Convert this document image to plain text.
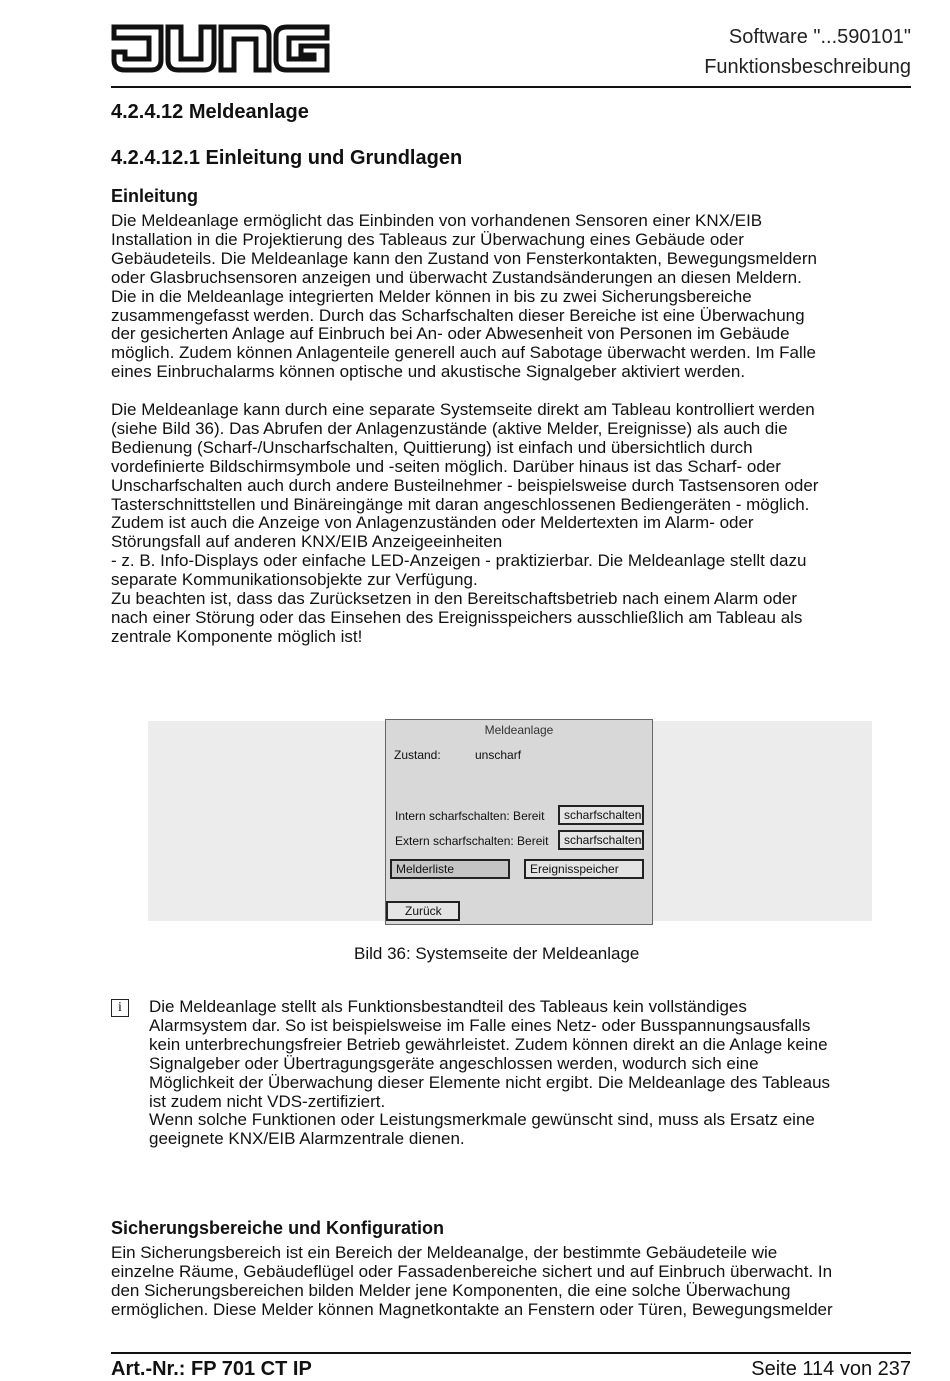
Software "...590101"
Funktionsbeschreibung
4.2.4.12 Meldeanlage
4.2.4.12.1 Einleitung und Grundlagen
Einleitung
Die Meldeanlage ermöglicht das Einbinden von vorhandenen Sensoren einer KNX/EIB
Installation in die Projektierung des Tableaus zur Überwachung eines Gebäude oder
Gebäudeteils. Die Meldeanlage kann den Zustand von Fensterkontakten, Bewegungsmeldern
oder Glasbruchsensoren anzeigen und überwacht Zustandsänderungen an diesen Meldern.
Die in die Meldeanlage integrierten Melder können in bis zu zwei Sicherungsbereiche
zusammengefasst werden. Durch das Scharfschalten dieser Bereiche ist eine Überwachung
der gesicherten Anlage auf Einbruch bei An- oder Abwesenheit von Personen im Gebäude
möglich. Zudem können Anlagenteile generell auch auf Sabotage überwacht werden. Im Falle
eines Einbruchalarms können optische und akustische Signalgeber aktiviert werden.
Die Meldeanlage kann durch eine separate Systemseite direkt am Tableau kontrolliert werden
(siehe Bild 36). Das Abrufen der Anlagenzustände (aktive Melder, Ereignisse) als auch die
Bedienung (Scharf-/Unscharfschalten, Quittierung) ist einfach und übersichtlich durch
vordefinierte Bildschirmsymbole und -seiten möglich. Darüber hinaus ist das Scharf- oder
Unscharfschalten auch durch andere Busteilnehmer - beispielsweise durch Tastsensoren oder
Tasterschnittstellen und Binäreingänge mit daran angeschlossenen Bediengeräten - möglich.
Zudem ist auch die Anzeige von Anlagenzuständen oder Meldertexten im Alarm- oder
Störungsfall auf anderen KNX/EIB Anzeigeeinheiten
- z. B. Info-Displays oder einfache LED-Anzeigen - praktizierbar. Die Meldeanlage stellt dazu
separate Kommunikationsobjekte zur Verfügung.
Zu beachten ist, dass das Zurücksetzen in den Bereitschaftsbetrieb nach einem Alarm oder
nach einer Störung oder das Einsehen des Ereignisspeichers ausschließlich am Tableau als
zentrale Komponente möglich ist!
Meldeanlage
Zustand:	unscharf
Intern scharfschalten: Bereit	scharfschalten
Extern scharfschalten: Bereit	scharfschalten
Melderliste	Ereignisspeicher
Zurück
Bild 36: Systemseite der Meldeanlage
i	Die Meldeanlage stellt als Funktionsbestandteil des Tableaus kein vollständiges
Alarmsystem dar. So ist beispielsweise im Falle eines Netz- oder Busspannungsausfalls
kein unterbrechungsfreier Betrieb gewährleistet. Zudem können direkt an die Anlage keine
Signalgeber oder Übertragungsgeräte angeschlossen werden, wodurch sich eine
Möglichkeit der Überwachung dieser Elemente nicht ergibt. Die Meldeanlage des Tableaus
ist zudem nicht VDS-zertifiziert.
Wenn solche Funktionen oder Leistungsmerkmale gewünscht sind, muss als Ersatz eine
geeignete KNX/EIB Alarmzentrale dienen.
Sicherungsbereiche und Konfiguration
Ein Sicherungsbereich ist ein Bereich der Meldeanalge, der bestimmte Gebäudeteile wie
einzelne Räume, Gebäudeflügel oder Fassadenbereiche sichert und auf Einbruch überwacht. In
den Sicherungsbereichen bilden Melder jene Komponenten, die eine solche Überwachung
ermöglichen. Diese Melder können Magnetkontakte an Fenstern oder Türen, Bewegungsmelder
Art.-Nr.: FP 701 CT IP	Seite 114 von 237
